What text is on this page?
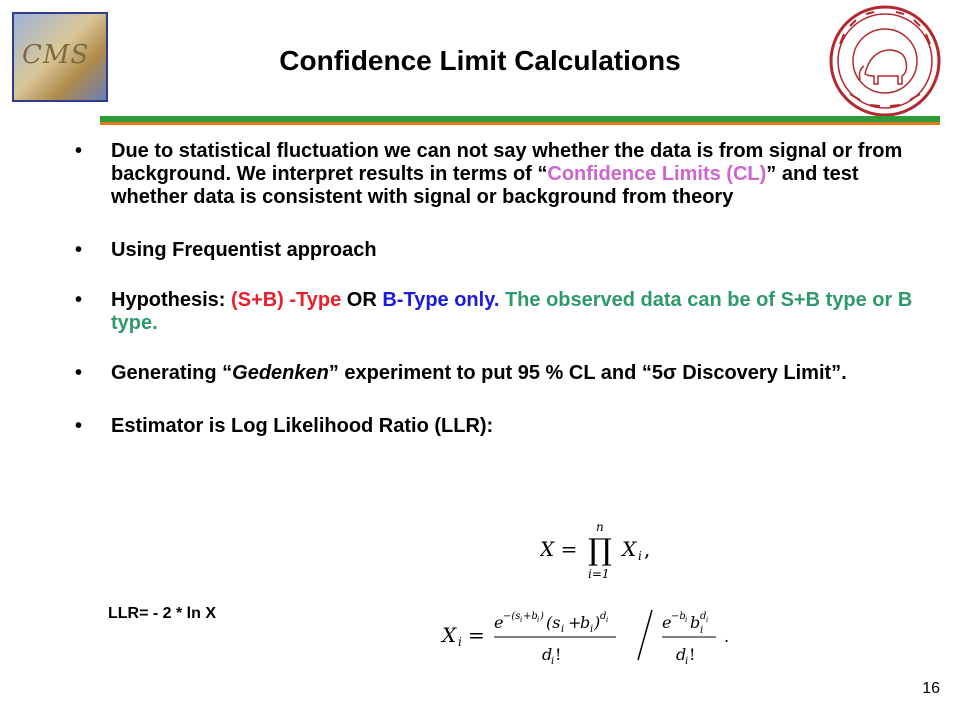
CMS	Confidence Limit Calculations
• Due to statistical fluctuation we can not say whether the data is from signal or from background. We interpret results in terms of “Confidence Limits (CL)” and test whether data is consistent with signal or background from theory
• Using Frequentist approach
• Hypothesis: (S+B) -Type OR B-Type only. The observed data can be of S+B type or B type.
• Generating “Gedenken” experiment to put 95 % CL and “5σ Discovery Limit”.
• Estimator is Log Likelihood Ratio (LLR):
X = ∏
n
i=1
X i ,
X i =
e −(s i +b i ) (s i +
b i ) d i
d
i !
e −b i b d i
i
d
i !
.
LLR= - 2 * ln X
16
